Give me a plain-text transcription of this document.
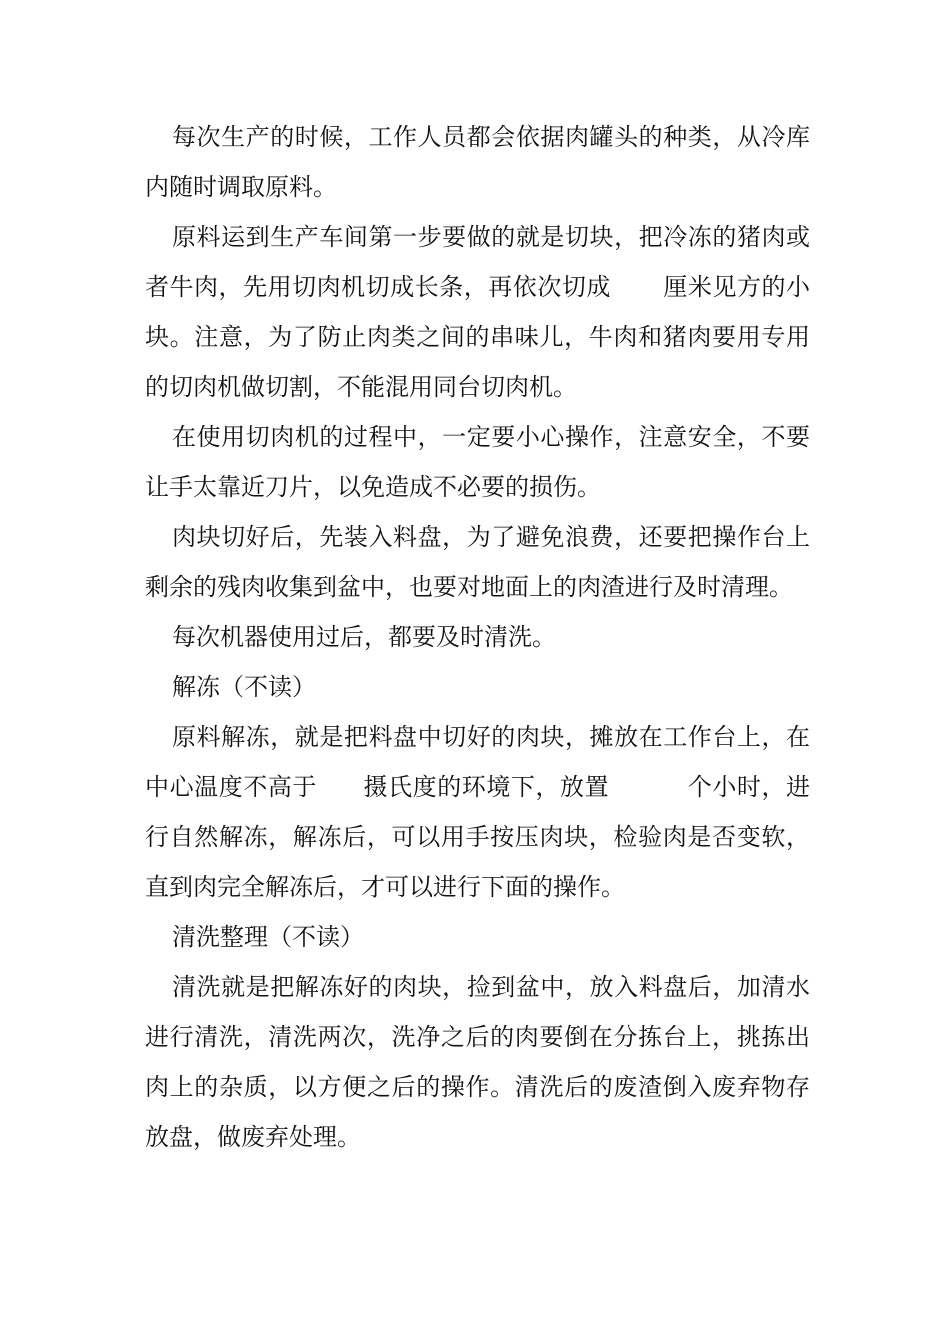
每次生产的时候，工作人员都会依据肉罐头的种类，从冷库内随时调取原料。

原料运到生产车间第一步要做的就是切块，把冷冻的猪肉或者牛肉，先用切肉机切成长条，再依次切成 厘米见方的小块。注意，为了防止肉类之间的串味儿，牛肉和猪肉要用专用的切肉机做切割，不能混用同台切肉机。

在使用切肉机的过程中，一定要小心操作，注意安全，不要让手太靠近刀片，以免造成不必要的损伤。

肉块切好后，先装入料盘，为了避免浪费，还要把操作台上剩余的残肉收集到盆中，也要对地面上的肉渣进行及时清理。

每次机器使用过后，都要及时清洗。

解冻（不读）

原料解冻，就是把料盘中切好的肉块，摊放在工作台上，在中心温度不高于 摄氏度的环境下，放置	个小时，进行自然解冻，解冻后，可以用手按压肉块，检验肉是否变软，直到肉完全解冻后，才可以进行下面的操作。

清洗整理（不读）

清洗就是把解冻好的肉块，捡到盆中，放入料盘后，加清水进行清洗，清洗两次，洗净之后的肉要倒在分拣台上，挑拣出肉上的杂质，以方便之后的操作。清洗后的废渣倒入废弃物存放盘，做废弃处理。
